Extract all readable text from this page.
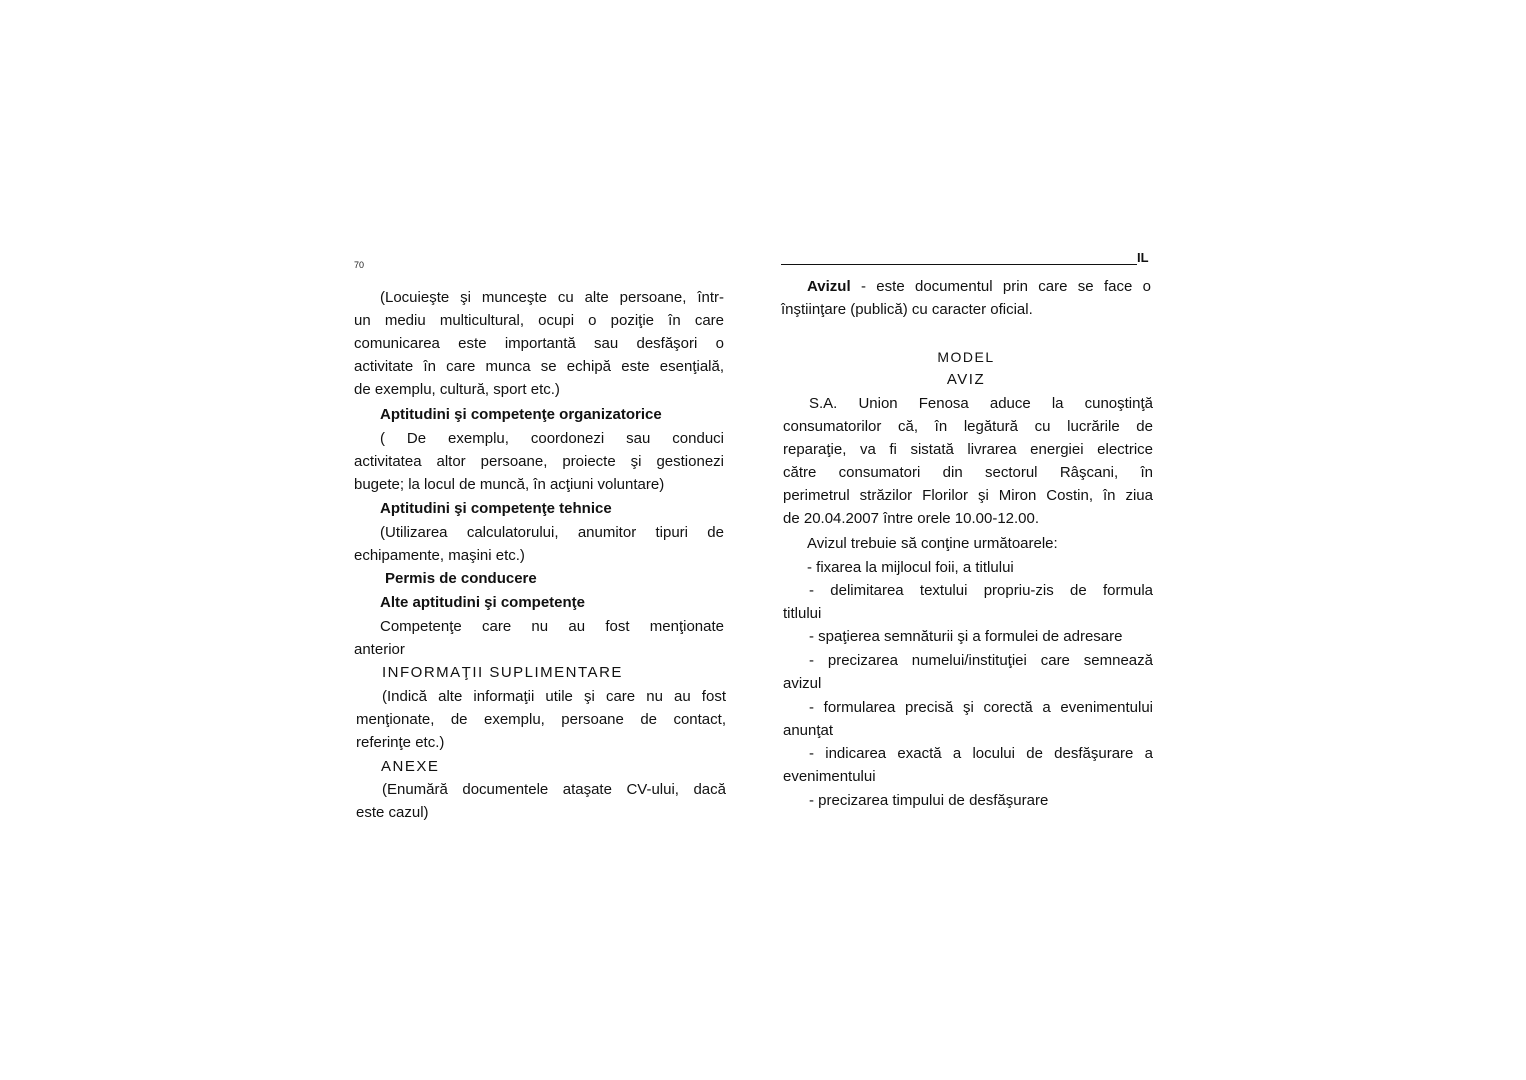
70
(Locuieşte şi munceşte cu alte persoane, într-
un mediu multicultural, ocupi o poziţie în care
comunicarea este importantă sau desfăşori o
activitate în care munca se echipă este esenţială,
de exemplu, cultură, sport etc.)
Aptitudini şi competenţe organizatorice
( De exemplu, coordonezi sau conduci
activitatea altor persoane, proiecte şi gestionezi
bugete; la locul de muncă, în acţiuni voluntare)
Aptitudini şi competenţe tehnice
(Utilizarea calculatorului, anumitor tipuri de
echipamente, maşini etc.)
Permis de conducere
Alte aptitudini şi competenţe
Competenţe care nu au fost menţionate
anterior
INFORMAŢII SUPLIMENTARE
(Indică alte informaţii utile şi care nu au fost
menţionate, de exemplu, persoane de contact,
referinţe etc.)
ANEXE
(Enumără documentele ataşate CV-ului, dacă
este cazul)
IL
Avizul - este documentul prin care se face o
înştiinţare (publică) cu caracter oficial.
MODEL
AVIZ
S.A. Union Fenosa aduce la cunoştinţă
consumatorilor că, în legătură cu lucrările de
reparaţie, va fi sistată livrarea energiei electrice
către consumatori din sectorul Râşcani, în
perimetrul străzilor Florilor şi Miron Costin, în ziua
de 20.04.2007 între orele 10.00-12.00.
Avizul trebuie să conţine următoarele:
- fixarea la mijlocul foii, a titlului
- delimitarea textului propriu-zis de formula
titlului
- spaţierea semnăturii şi a formulei de adresare
- precizarea numelui/instituţiei care semnează
avizul
- formularea precisă şi corectă a evenimentului
anunţat
- indicarea exactă a locului de desfăşurare a
evenimentului
- precizarea timpului de desfăşurare
